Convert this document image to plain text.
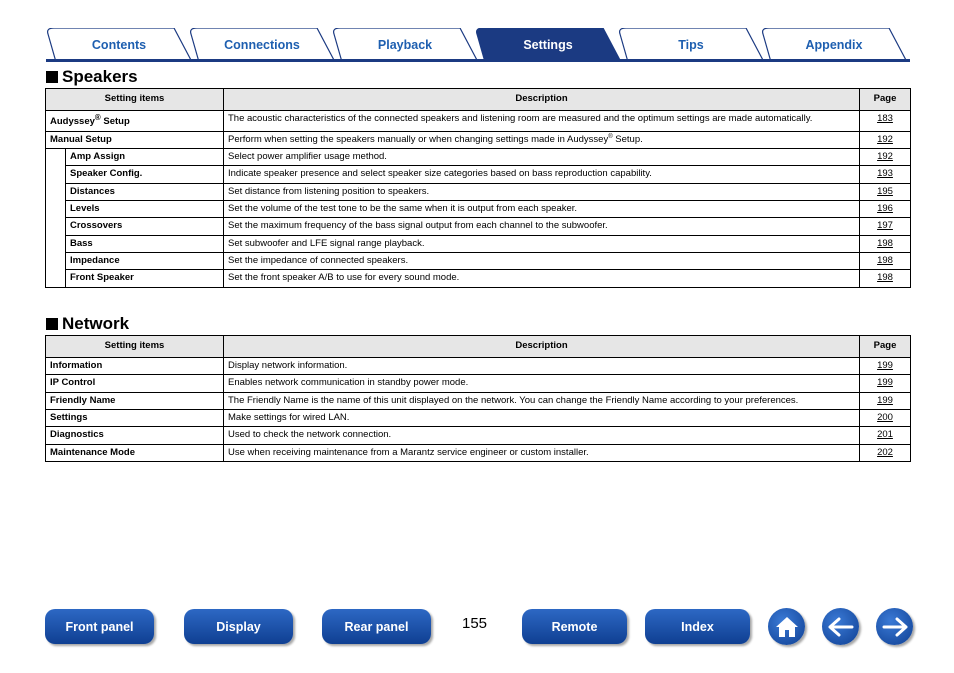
Contents	Connections	Playback	Settings	Tips	Appendix
Speakers
Setting items		Description	Page
Audyssey® Setup		The acoustic characteristics of the connected speakers and listening room are measured and the optimum settings are made automatically.	183
Manual Setup		Perform when setting the speakers manually or when changing settings made in Audyssey® Setup.	192
	Amp Assign	Select power amplifier usage method.	192
	Speaker Config.	Indicate speaker presence and select speaker size categories based on bass reproduction capability.	193
	Distances	Set distance from listening position to speakers.	195
	Levels	Set the volume of the test tone to be the same when it is output from each speaker.	196
	Crossovers	Set the maximum frequency of the bass signal output from each channel to the subwoofer.	197
	Bass	Set subwoofer and LFE signal range playback.	198
	Impedance	Set the impedance of connected speakers.	198
	Front Speaker	Set the front speaker A/B to use for every sound mode.	198
Network
Setting items	Description	Page
Information	Display network information.	199
IP Control	Enables network communication in standby power mode.	199
Friendly Name	The Friendly Name is the name of this unit displayed on the network. You can change the Friendly Name according to your preferences.	199
Settings	Make settings for wired LAN.	200
Diagnostics	Used to check the network connection.	201
Maintenance Mode	Use when receiving maintenance from a Marantz service engineer or custom installer.	202
Front panel	Display	Rear panel	155	Remote	Index
